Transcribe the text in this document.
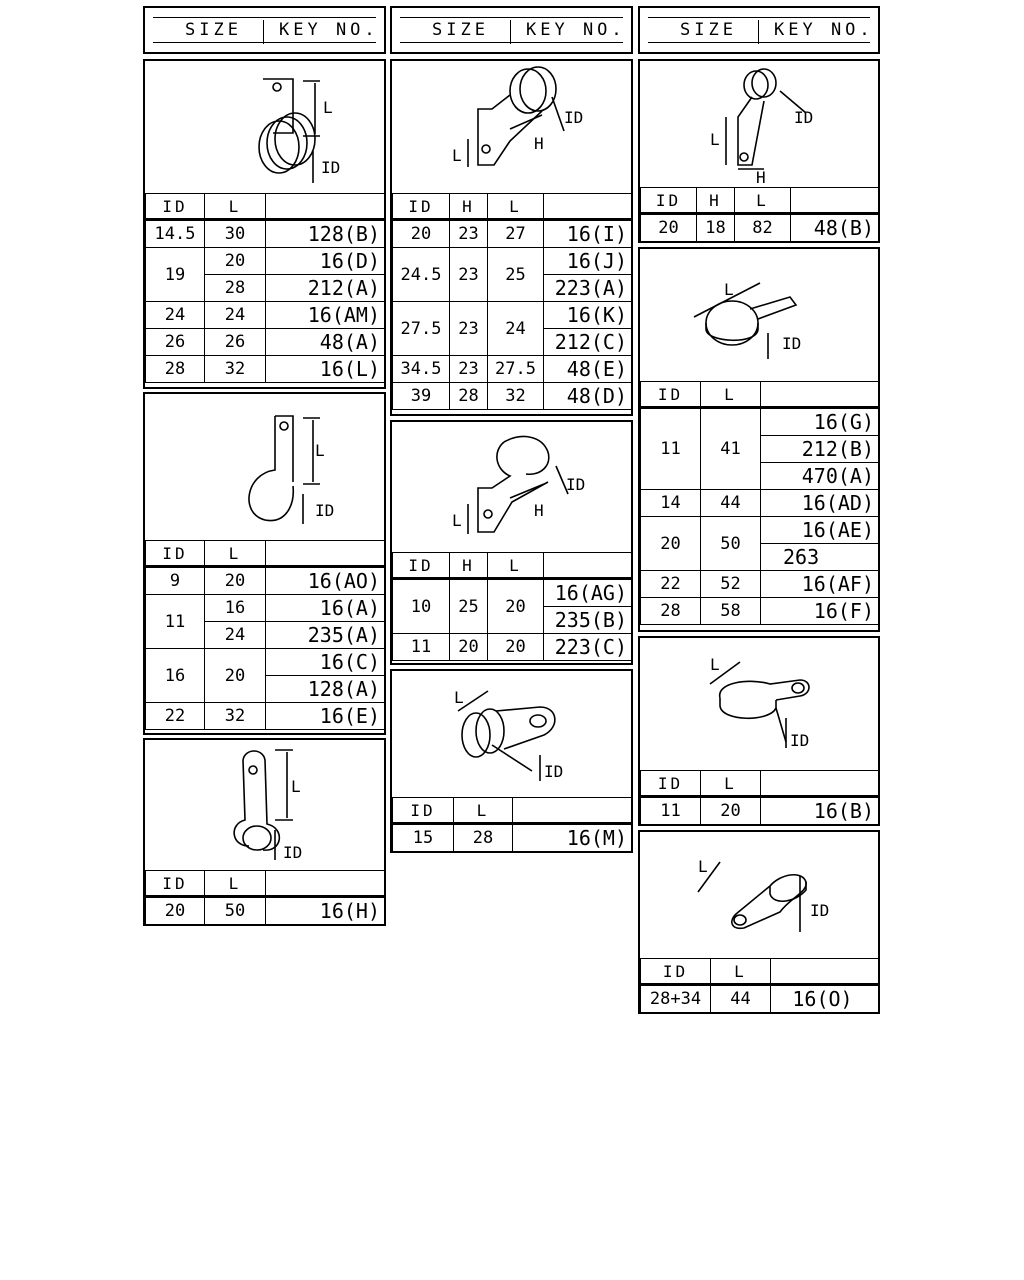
SIZE KEY NO.	SIZE KEY NO.	SIZE KEY NO.
L
ID
ID	L	
14.5	30	128(B)
19	20	16(D)
	28	212(A)
24	24	16(AM)
26	26	48(A)
28	32	16(L)
L
ID
ID	L	
9	20	16(AO)
11	16	16(A)
	24	235(A)
16	20	16(C)
		128(A)
22	32	16(E)
L
ID
ID	L	
20	50	16(H)
L
H
ID
ID	H	L	
20	23	27	16(I)
24.5	23	25	16(J)
			223(A)
27.5	23	24	16(K)
			212(C)
34.5	23	27.5	48(E)
39	28	32	48(D)
L
H
ID
ID	H	L	
10	25	20	16(AG)
			235(B)
11	20	20	223(C)
L
ID
ID	L	
15	28	16(M)
L
H
ID
ID	H	L	
20	18	82	48(B)
L
ID
ID	L	
11	41	16(G)
		212(B)
		470(A)
14	44	16(AD)
20	50	16(AE)
		263
22	52	16(AF)
28	58	16(F)
L
ID
ID	L	
11	20	16(B)
L
ID
ID	L	
28+34	44	16(O)
